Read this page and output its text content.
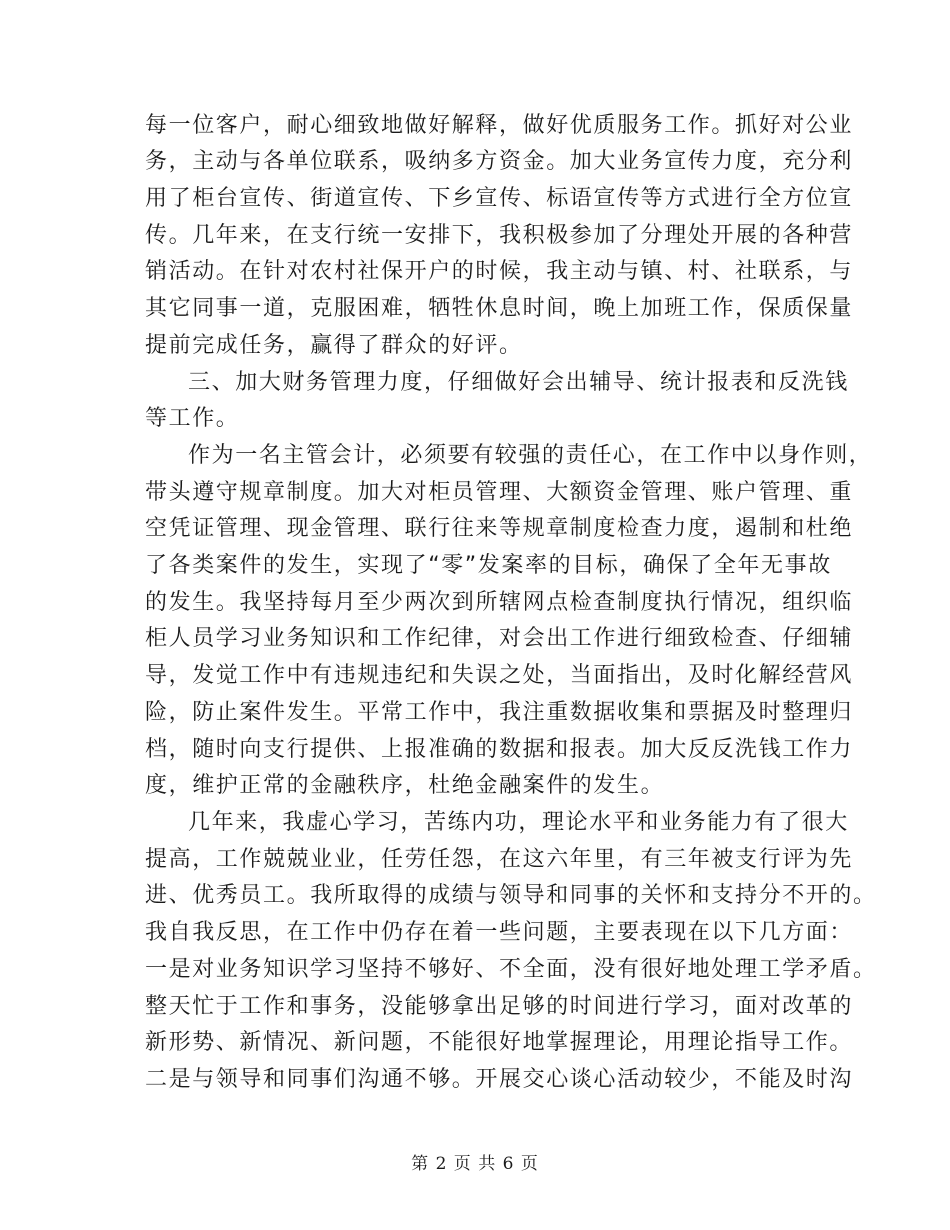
每一位客户，耐心细致地做好解释，做好优质服务工作。抓好对公业
务，主动与各单位联系，吸纳多方资金。加大业务宣传力度，充分利
用了柜台宣传、街道宣传、下乡宣传、标语宣传等方式进行全方位宣
传。几年来，在支行统一安排下，我积极参加了分理处开展的各种营
销活动。在针对农村社保开户的时候，我主动与镇、村、社联系，与
其它同事一道，克服困难，牺牲休息时间，晚上加班工作，保质保量
提前完成任务，赢得了群众的好评。
三、加大财务管理力度，仔细做好会出辅导、统计报表和反洗钱
等工作。
作为一名主管会计，必须要有较强的责任心，在工作中以身作则，
带头遵守规章制度。加大对柜员管理、大额资金管理、账户管理、重
空凭证管理、现金管理、联行往来等规章制度检查力度，遏制和杜绝
了各类案件的发生，实现了“零”发案率的目标，确保了全年无事故
的发生。我坚持每月至少两次到所辖网点检查制度执行情况，组织临
柜人员学习业务知识和工作纪律，对会出工作进行细致检查、仔细辅
导，发觉工作中有违规违纪和失误之处，当面指出，及时化解经营风
险，防止案件发生。平常工作中，我注重数据收集和票据及时整理归
档，随时向支行提供、上报准确的数据和报表。加大反反洗钱工作力
度，维护正常的金融秩序，杜绝金融案件的发生。
几年来，我虚心学习，苦练内功，理论水平和业务能力有了很大
提高，工作兢兢业业，任劳任怨，在这六年里，有三年被支行评为先
进、优秀员工。我所取得的成绩与领导和同事的关怀和支持分不开的。
我自我反思，在工作中仍存在着一些问题，主要表现在以下几方面：
一是对业务知识学习坚持不够好、不全面，没有很好地处理工学矛盾。
整天忙于工作和事务，没能够拿出足够的时间进行学习，面对改革的
新形势、新情况、新问题，不能很好地掌握理论，用理论指导工作。
二是与领导和同事们沟通不够。开展交心谈心活动较少，不能及时沟
第 2 页 共 6 页
